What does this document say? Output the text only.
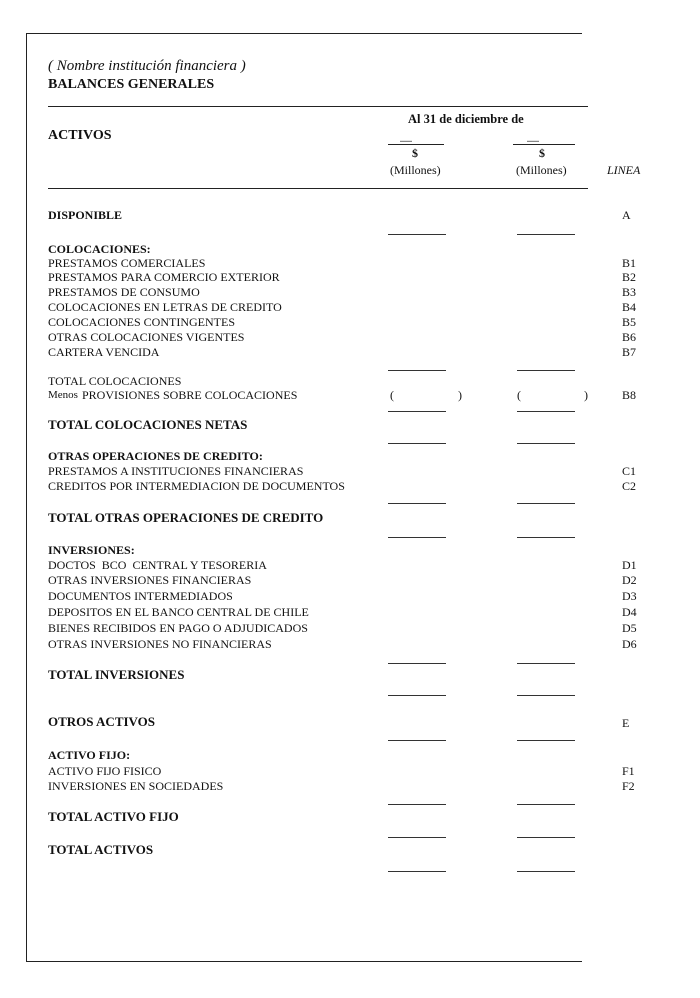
( Nombre institución financiera )
BALANCES GENERALES
ACTIVOS
Al 31 de diciembre de
......	......
$	$
(Millones)	(Millones)	LINEA
DISPONIBLE	A
COLOCACIONES:
PRESTAMOS COMERCIALES	B1
PRESTAMOS PARA COMERCIO EXTERIOR	B2
PRESTAMOS DE CONSUMO	B3
COLOCACIONES EN LETRAS DE CREDITO	B4
COLOCACIONES CONTINGENTES	B5
OTRAS COLOCACIONES VIGENTES	B6
CARTERA VENCIDA	B7
TOTAL COLOCACIONES
Menos PROVISIONES SOBRE COLOCACIONES	(	)	(	)	B8
TOTAL COLOCACIONES NETAS
OTRAS OPERACIONES DE CREDITO:
PRESTAMOS A INSTITUCIONES FINANCIERAS	C1
CREDITOS POR INTERMEDIACION DE DOCUMENTOS	C2
TOTAL OTRAS OPERACIONES DE CREDITO
INVERSIONES:
DOCTOS  BCO  CENTRAL Y TESORERIA	D1
OTRAS INVERSIONES FINANCIERAS	D2
DOCUMENTOS INTERMEDIADOS	D3
DEPOSITOS EN EL BANCO CENTRAL DE CHILE	D4
BIENES RECIBIDOS EN PAGO O ADJUDICADOS	D5
OTRAS INVERSIONES NO FINANCIERAS	D6
TOTAL INVERSIONES
OTROS ACTIVOS	E
ACTIVO FIJO:
ACTIVO FIJO FISICO	F1
INVERSIONES EN SOCIEDADES	F2
TOTAL ACTIVO FIJO
TOTAL ACTIVOS
